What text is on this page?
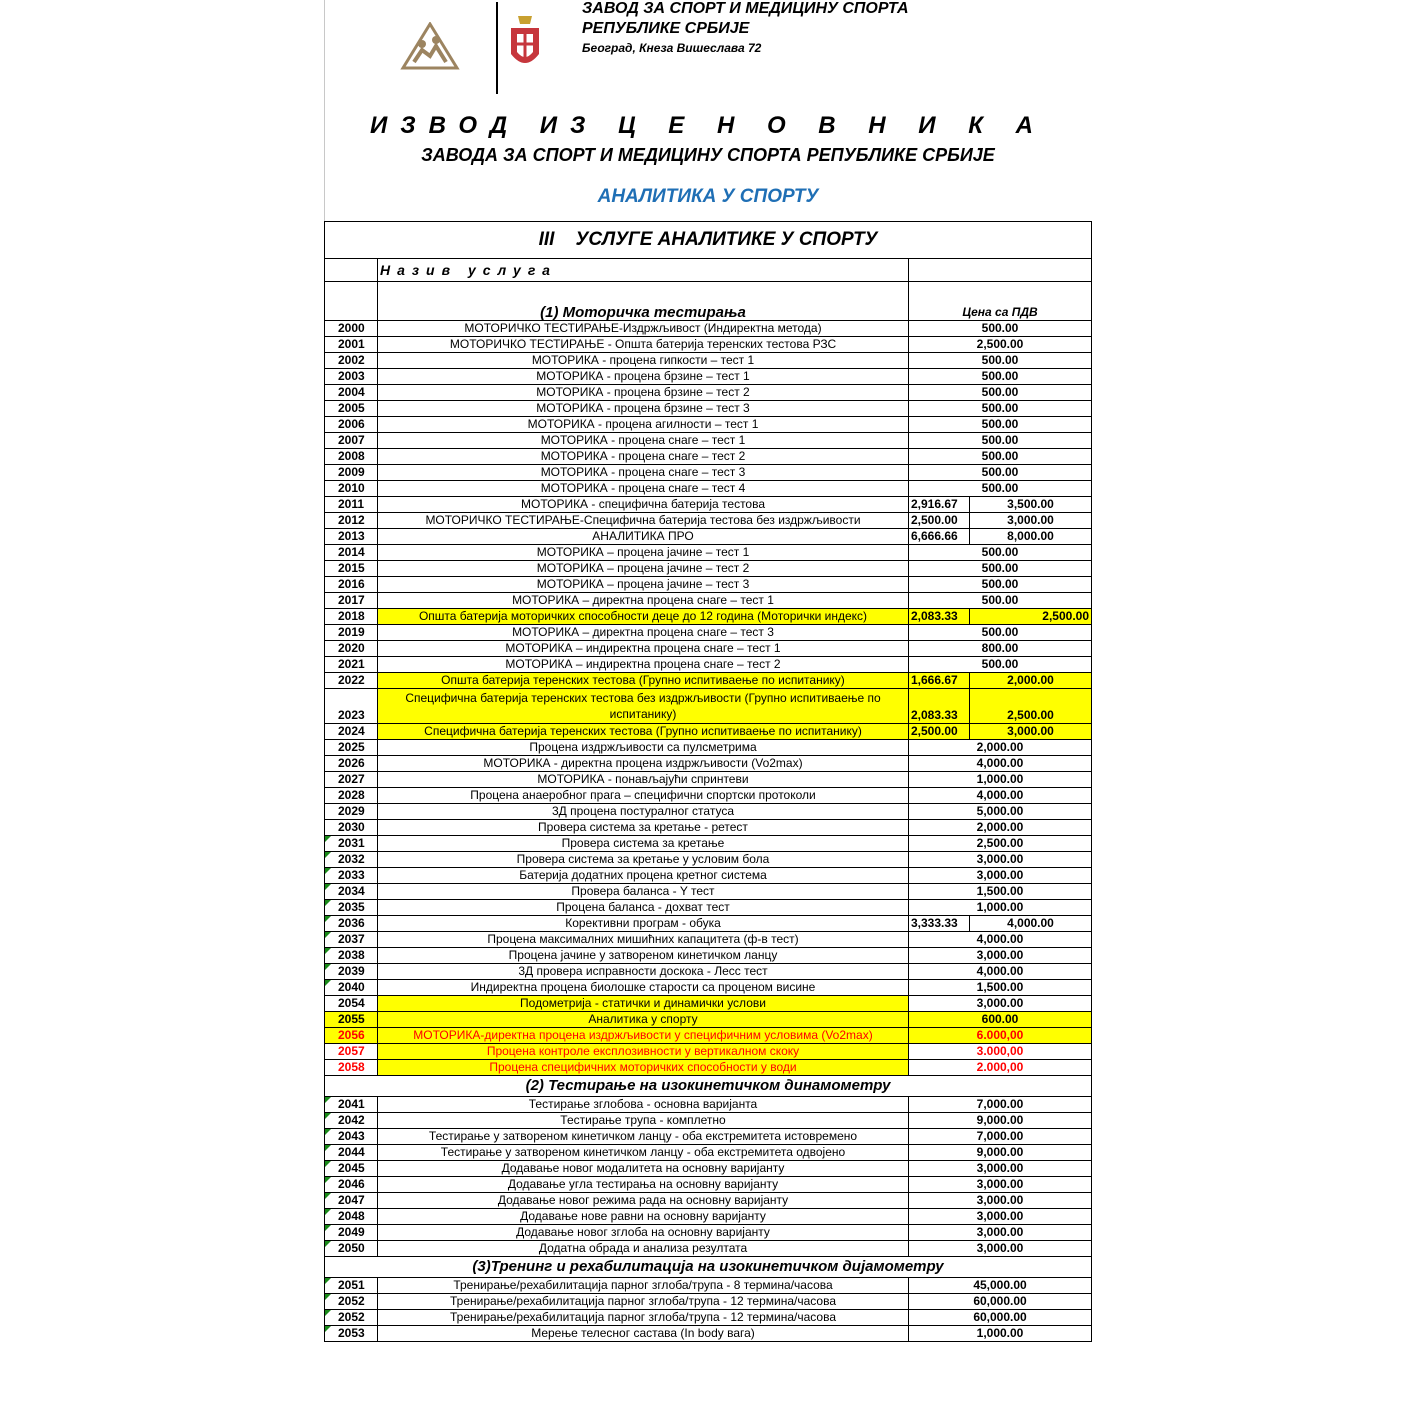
ЗАВОД ЗА СПОРТ И МЕДИЦИНУ СПОРТА
РЕПУБЛИКЕ СРБИЈЕ
Београд, Кнеза Вишеслава 72
ИЗВОД ИЗ Ц Е Н О В Н И К А
ЗАВОДА ЗА СПОРТ И МЕДИЦИНУ СПОРТА РЕПУБЛИКЕ СРБИЈЕ
АНАЛИТИКА У СПОРТУ
III    УСЛУГЕ АНАЛИТИКЕ У СПОРТУ			
	Назив услуга		
	(1) Моторичка тестирања	Цена са ПДВ	
2000	МОТОРИЧКО ТЕСТИРАЊЕ-Издржљивост (Индиректна метода)	500.00	
2001	МОТОРИЧКО ТЕСТИРАЊЕ - Општа батерија теренских тестова РЗС	2,500.00	
2002	МОТОРИКА - процена гипкости – тест 1	500.00	
2003	МОТОРИКА - процена брзине – тест 1	500.00	
2004	МОТОРИКА - процена брзине – тест 2	500.00	
2005	МОТОРИКА - процена брзине – тест 3	500.00	
2006	МОТОРИКА - процена агилности – тест 1	500.00	
2007	МОТОРИКА - процена снаге – тест 1	500.00	
2008	МОТОРИКА - процена снаге – тест 2	500.00	
2009	МОТОРИКА - процена снаге – тест 3	500.00	
2010	МОТОРИКА - процена снаге – тест 4	500.00	
2011	МОТОРИКА - специфична батерија тестова	2,916.67	3,500.00
2012	МОТОРИЧКО ТЕСТИРАЊЕ-Специфична батерија тестова без издржљивости	2,500.00	3,000.00
2013	АНАЛИТИКА ПРО	6,666.66	8,000.00
2014	МОТОРИКА – процена јачине – тест 1	500.00	
2015	МОТОРИКА – процена јачине – тест 2	500.00	
2016	МОТОРИКА – процена јачине – тест 3	500.00	
2017	МОТОРИКА – директна процена снаге – тест 1	500.00	
2018	Општа батерија моторичких способности деце до 12 година (Моторички индекс)	2,083.33	2,500.00
2019	МОТОРИКА – директна процена снаге – тест 3	500.00	
2020	МОТОРИКА – индиректна процена снаге – тест 1	800.00	
2021	МОТОРИКА – индиректна процена снаге – тест 2	500.00	
2022	Општа батерија теренских тестова (Групно испитиваење по испитанику)	1,666.67	2,000.00
2023	Специфична батерија теренских тестова без издржљивости (Групно испитиваење по испитанику)	2,083.33	2,500.00
2024	Специфична батерија теренских тестова (Групно испитиваење по испитанику)	2,500.00	3,000.00
2025	Процена издржљивости са пулсметрима	2,000.00	
2026	МОТОРИКА - директна процена издржљивости (Vo2max)	4,000.00	
2027	МОТОРИКА - понављајући спринтеви	1,000.00	
2028	Процена анаеробног прага – специфични спортски протоколи	4,000.00	
2029	3Д процена постуралног статуса	5,000.00	
2030	Провера система за кретање - ретест	2,000.00	

2031	Провера система за кретање	2,500.00	

2032	Провера система за кретање у условим бола	3,000.00	

2033	Батерија додатних процена кретног система	3,000.00	

2034	Провера баланса - Y тест	1,500.00	

2035	Процена баланса - дохват тест	1,000.00	

2036	Корективни програм - обука	3,333.33	4,000.00

2037	Процена максималних мишићних капацитета (ф-в тест)	4,000.00	

2038	Процена јачине у затвореном кинетичком ланцу	3,000.00	

2039	3Д провера исправности доскока - Лесс тест	4,000.00	

2040	Индиректна процена биолошке старости са проценом висине	1,500.00	
2054	Подометрија - статички и динамички услови	3,000.00	
2055	Аналитика у спорту	600.00	
2056	МОТОРИКА-директна процена издржљивости у специфичним условима (Vo2max)	6.000,00	
2057	Процена контроле експлозивности у вертикалном скоку	3.000,00	
2058	Процена специфичних моторичких способности у води	2.000,00	
(2) Тестирање на изокинетичком динамометру			

2041	Тестирање зглобова - основна варијанта	7,000.00	

2042	Тестирање трупа - комплетно	9,000.00	

2043	Тестирање у затвореном кинетичком ланцу - оба екстремитета истовремено	7,000.00	

2044	Тестирање у затвореном кинетичком ланцу - оба екстремитета одвојено	9,000.00	

2045	Додавање новог модалитета на основну варијанту	3,000.00	

2046	Додавање угла тестирања на основну варијанту	3,000.00	

2047	Додавање новог режима рада на основну варијанту	3,000.00	

2048	Додавање нове равни на основну варијанту	3,000.00	

2049	Додавање новог зглоба на основну варијанту	3,000.00	

2050	Додатна обрада и анализа резултата	3,000.00	
(3)Тренинг и рехабилитација на изокинетичком дијамометру			

2051	Тренирање/рехабилитација парног зглоба/трупа - 8 термина/часова	45,000.00	

2052	Тренирање/рехабилитација парног зглоба/трупа - 12 термина/часова	60,000.00	

2052	Тренирање/рехабилитација парног зглоба/трупа - 12 термина/часова	60,000.00	

2053	Мерење телесног састава (In body вага)	1,000.00	
